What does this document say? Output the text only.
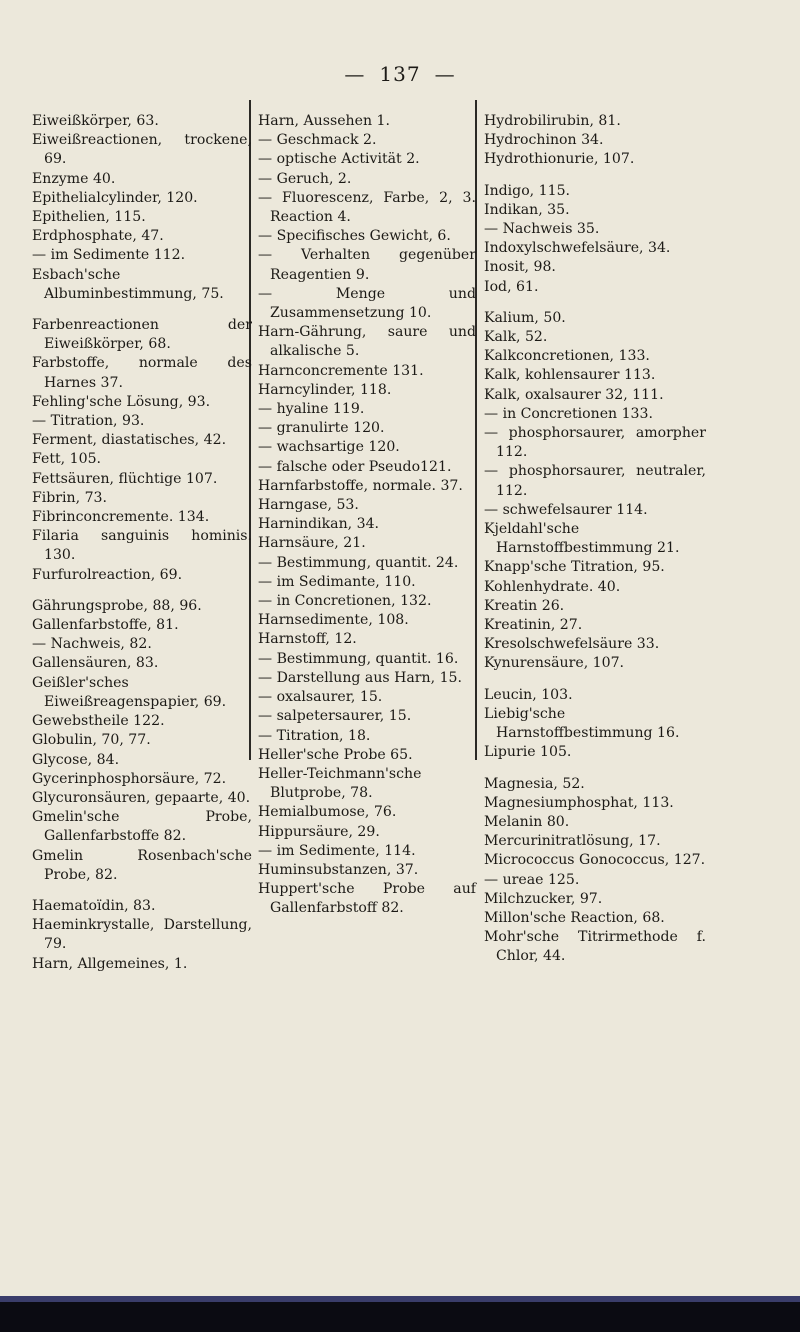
— 137 —

Eiweißkörper, 63.

Eiweißreactionen, trockene, 69.

Enzyme 40.

Epithelialcylinder, 120.

Epithelien, 115.

Erdphosphate, 47.

— im Sedimente 112.

Esbach'sche Albuminbestimmung, 75.

Farbenreactionen der Eiweißkörper, 68.

Farbstoffe, normale des Harnes 37.

Fehling'sche Lösung, 93.

— Titration, 93.

Ferment, diastatisches, 42.

Fett, 105.

Fettsäuren, flüchtige 107.

Fibrin, 73.

Fibrinconcremente. 134.

Filaria sanguinis hominis. 130.

Furfurolreaction, 69.

Gährungsprobe, 88, 96.

Gallenfarbstoffe, 81.

— Nachweis, 82.

Gallensäuren, 83.

Geißler'sches Eiweißreagenspapier, 69.

Gewebstheile 122.

Globulin, 70, 77.

Glycose, 84.

Gycerinphosphorsäure, 72.

Glycuronsäuren, gepaarte, 40.

Gmelin'sche Probe, Gallenfarbstoffe 82.

Gmelin Rosenbach'sche Probe, 82.

Haematoïdin, 83.

Haeminkrystalle, Darstellung, 79.

Harn, Allgemeines, 1.

Harn, Aussehen 1.

— Geschmack 2.

— optische Activität 2.

— Geruch, 2.

— Fluorescenz, Farbe, 2, 3. Reaction 4.

— Specifisches Gewicht, 6.

— Verhalten gegenüber Reagentien 9.

— Menge und Zusammensetzung 10.

Harn-Gährung, saure und alkalische 5.

Harnconcremente 131.

Harncylinder, 118.

— hyaline 119.

— granulirte 120.

— wachsartige 120.

— falsche oder Pseudo121.

Harnfarbstoffe, normale. 37.

Harngase, 53.

Harnindikan, 34.

Harnsäure, 21.

— Bestimmung, quantit. 24.

— im Sedimante, 110.

— in Concretionen, 132.

Harnsedimente, 108.

Harnstoff, 12.

— Bestimmung, quantit. 16.

— Darstellung aus Harn, 15.

— oxalsaurer, 15.

— salpetersaurer, 15.

— Titration, 18.

Heller'sche Probe 65.

Heller-Teichmann'sche Blutprobe, 78.

Hemialbumose, 76.

Hippursäure, 29.

— im Sedimente, 114.

Huminsubstanzen, 37.

Huppert'sche Probe auf Gallenfarbstoff 82.

Hydrobilirubin, 81.

Hydrochinon 34.

Hydrothionurie, 107.

Indigo, 115.

Indikan, 35.

— Nachweis 35.

Indoxylschwefelsäure, 34.

Inosit, 98.

Iod, 61.

Kalium, 50.

Kalk, 52.

Kalkconcretionen, 133.

Kalk, kohlensaurer 113.

Kalk, oxalsaurer 32, 111.

— in Concretionen 133.

— phosphorsaurer, amorpher 112.

— phosphorsaurer, neutraler, 112.

— schwefelsaurer 114.

Kjeldahl'sche Harnstoffbestimmung 21.

Knapp'sche Titration, 95.

Kohlenhydrate. 40.

Kreatin 26.

Kreatinin, 27.

Kresolschwefelsäure 33.

Kynurensäure, 107.

Leucin, 103.

Liebig'sche Harnstoffbestimmung 16.

Lipurie 105.

Magnesia, 52.

Magnesiumphosphat, 113.

Melanin 80.

Mercurinitratlösung, 17.

Micrococcus Gonococcus, 127.

— ureae 125.

Milchzucker, 97.

Millon'sche Reaction, 68.

Mohr'sche Titrirmethode f. Chlor, 44.
